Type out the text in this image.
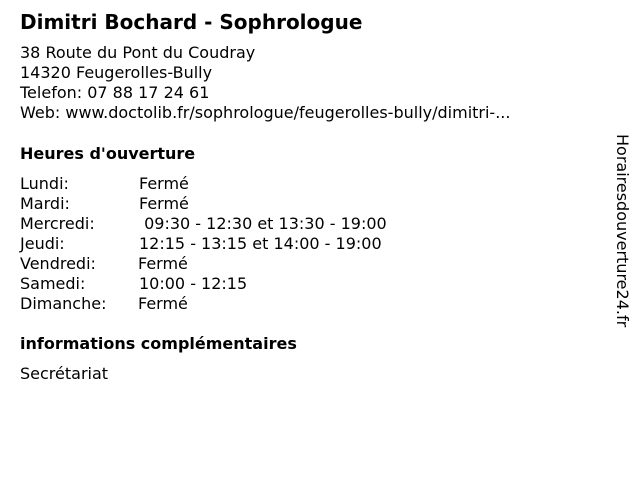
Dimitri Bochard - Sophrologue
38 Route du Pont du Coudray
14320 Feugerolles-Bully
Telefon: 07 88 17 24 61
Web: www.doctolib.fr/sophrologue/feugerolles-bully/dimitri-...
Heures d'ouverture
Lundi:	Fermé
Mardi:	Fermé
Mercredi:	09:30 - 12:30 et 13:30 - 19:00
Jeudi:	12:15 - 13:15 et 14:00 - 19:00
Vendredi:	Fermé
Samedi:	10:00 - 12:15
Dimanche:	Fermé
informations complémentaires
Secrétariat
Horairesdouverture24.fr
